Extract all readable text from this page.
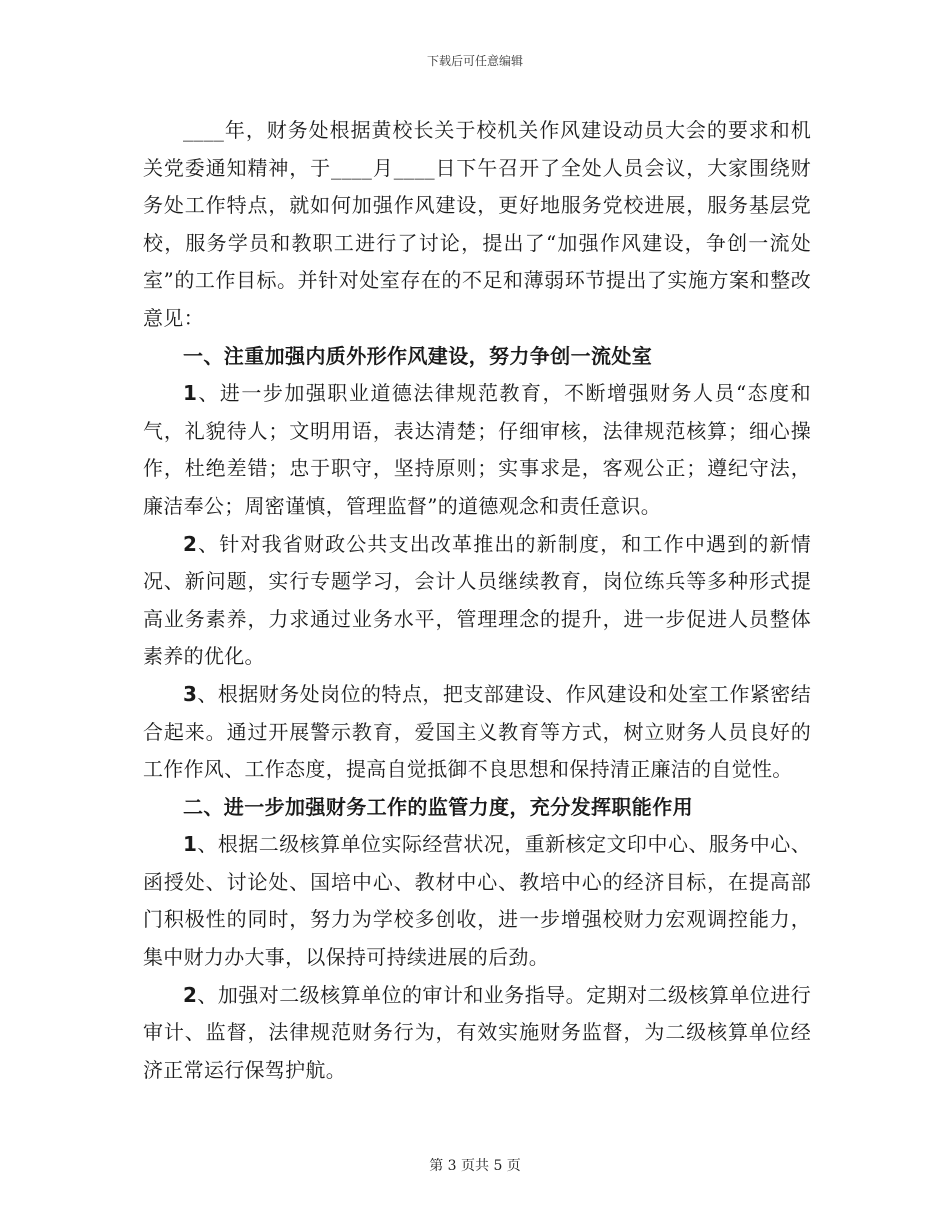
下载后可任意编辑

____年，财务处根据黄校长关于校机关作风建设动员大会的要求和机关党委通知精神，于____月____日下午召开了全处人员会议，大家围绕财务处工作特点，就如何加强作风建设，更好地服务党校进展，服务基层党校，服务学员和教职工进行了讨论，提出了“加强作风建设，争创一流处室”的工作目标。并针对处室存在的不足和薄弱环节提出了实施方案和整改意见：

一、注重加强内质外形作风建设，努力争创一流处室

1、进一步加强职业道德法律规范教育，不断增强财务人员“态度和气，礼貌待人；文明用语，表达清楚；仔细审核，法律规范核算；细心操作，杜绝差错；忠于职守，坚持原则；实事求是，客观公正；遵纪守法，廉洁奉公；周密谨慎，管理监督”的道德观念和责任意识。

2、针对我省财政公共支出改革推出的新制度，和工作中遇到的新情况、新问题，实行专题学习，会计人员继续教育，岗位练兵等多种形式提高业务素养，力求通过业务水平，管理理念的提升，进一步促进人员整体素养的优化。

3、根据财务处岗位的特点，把支部建设、作风建设和处室工作紧密结合起来。通过开展警示教育，爱国主义教育等方式，树立财务人员良好的工作作风、工作态度，提高自觉抵御不良思想和保持清正廉洁的自觉性。

二、进一步加强财务工作的监管力度，充分发挥职能作用

1、根据二级核算单位实际经营状况，重新核定文印中心、服务中心、函授处、讨论处、国培中心、教材中心、教培中心的经济目标，在提高部门积极性的同时，努力为学校多创收，进一步增强校财力宏观调控能力，集中财力办大事，以保持可持续进展的后劲。

2、加强对二级核算单位的审计和业务指导。定期对二级核算单位进行审计、监督，法律规范财务行为，有效实施财务监督，为二级核算单位经济正常运行保驾护航。

第 3 页共 5 页
